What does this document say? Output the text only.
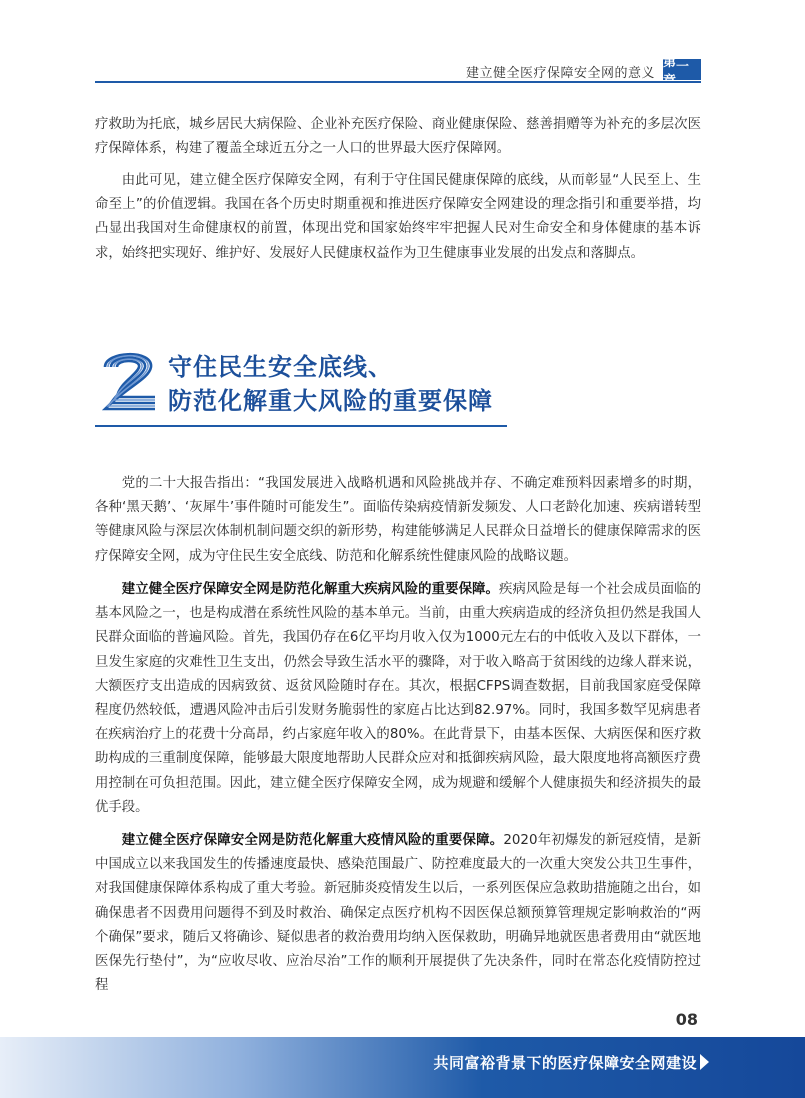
建立健全医疗保障安全网的意义
第二

疗救助为托底，城乡居民大病保险、企业补充医疗保险、商业健康保险、慈善捐赠等为补充的多层次医疗保障体系，构建了覆盖全球近五分之一人口的世界最大医疗保障网。

由此可见，建立健全医疗保障安全网，有利于守住国民健康保障的底线，从而彰显“人民至上、生命至上”的价值逻辑。我国在各个历史时期重视和推进医疗保障安全网建设的理念指引和重要举措，均凸显出我国对生命健康权的前置，体现出党和国家始终牢牢把握人民对生命安全和身体健康的基本诉求，始终把实现好、维护好、发展好人民健康权益作为卫生健康事业发展的出发点和落脚点。

守住民生安全底线、
防范化解重大风险的重要保障

党的二十大报告指出：“我国发展进入战略机遇和风险挑战并存、不确定难预料因素增多的时期，各种‘黑天鹅’、‘灰犀牛’事件随时可能发生”。面临传染病疫情新发频发、人口老龄化加速、疾病谱转型等健康风险与深层次体制机制问题交织的新形势，构建能够满足人民群众日益增长的健康保障需求的医疗保障安全网，成为守住民生安全底线、防范和化解系统性健康风险的战略议题。

建立健全医疗保障安全网是防范化解重大疾病风险的重要保障。疾病风险是每一个社会成员面临的基本风险之一，也是构成潜在系统性风险的基本单元。当前，由重大疾病造成的经济负担仍然是我国人民群众面临的普遍风险。首先，我国仍存在6亿平均月收入仅为1000元左右的中低收入及以下群体，一旦发生家庭的灾难性卫生支出，仍然会导致生活水平的骤降，对于收入略高于贫困线的边缘人群来说，大额医疗支出造成的因病致贫、返贫风险随时存在。其次，根据CFPS调查数据，目前我国家庭受保障程度仍然较低，遭遇风险冲击后引发财务脆弱性的家庭占比达到82.97%。同时，我国多数罕见病患者在疾病治疗上的花费十分高昂，约占家庭年收入的80%。在此背景下，由基本医保、大病医保和医疗救助构成的三重制度保障，能够最大限度地帮助人民群众应对和抵御疾病风险，最大限度地将高额医疗费用控制在可负担范围。因此，建立健全医疗保障安全网，成为规避和缓解个人健康损失和经济损失的最优手段。

建立健全医疗保障安全网是防范化解重大疫情风险的重要保障。2020年初爆发的新冠疫情，是新中国成立以来我国发生的传播速度最快、感染范围最广、防控难度最大的一次重大突发公共卫生事件，对我国健康保障体系构成了重大考验。新冠肺炎疫情发生以后，一系列医保应急救助措施随之出台，如确保患者不因费用问题得不到及时救治、确保定点医疗机构不因医保总额预算管理规定影响救治的“两个确保”要求，随后又将确诊、疑似患者的救治费用均纳入医保救助，明确异地就医患者费用由“就医地医保先行垫付”，为“应收尽收、应治尽治”工作的顺利开展提供了先决条件，同时在常态化疫情防控过程

08
共同富裕背景下的医疗保障安全网建设
